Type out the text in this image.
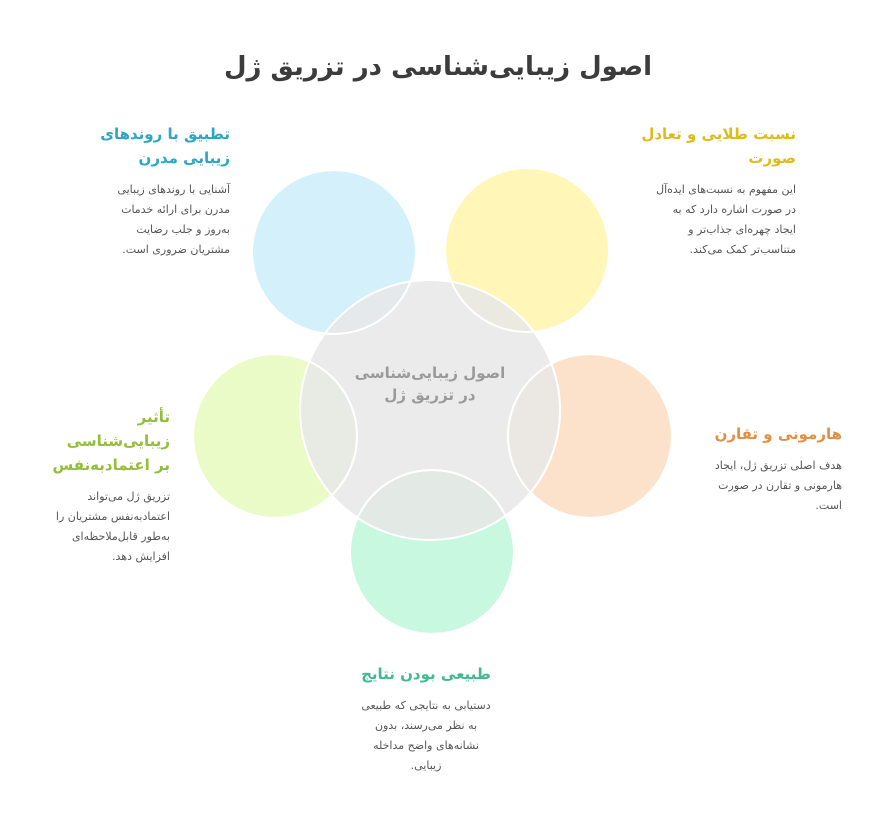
اصول زیبایی‌شناسی در تزریق ژل
اصول زیبایی‌شناسی
در تزریق ژل
تطبیق با روندهای
زیبایی مدرن
آشنایی با روندهای زیبایی
مدرن برای ارائه خدمات
به‌روز و جلب رضایت
مشتریان ضروری است.
نسبت طلایی و تعادل
صورت
این مفهوم به نسبت‌های ایده‌آل
در صورت اشاره دارد که به
ایجاد چهره‌ای جذاب‌تر و
متناسب‌تر کمک می‌کند.
تأثیر زیبایی‌شناسی
بر اعتمادبه‌نفس
تزریق ژل می‌تواند
اعتمادبه‌نفس مشتریان را
به‌طور قابل‌ملاحظه‌ای
افزایش دهد.
هارمونی و تقارن
هدف اصلی تزریق ژل، ایجاد
هارمونی و تقارن در صورت
است.
طبیعی بودن نتایج
دستیابی به نتایجی که طبیعی
به نظر می‌رسند، بدون
نشانه‌های واضح مداخله
زیبایی.
